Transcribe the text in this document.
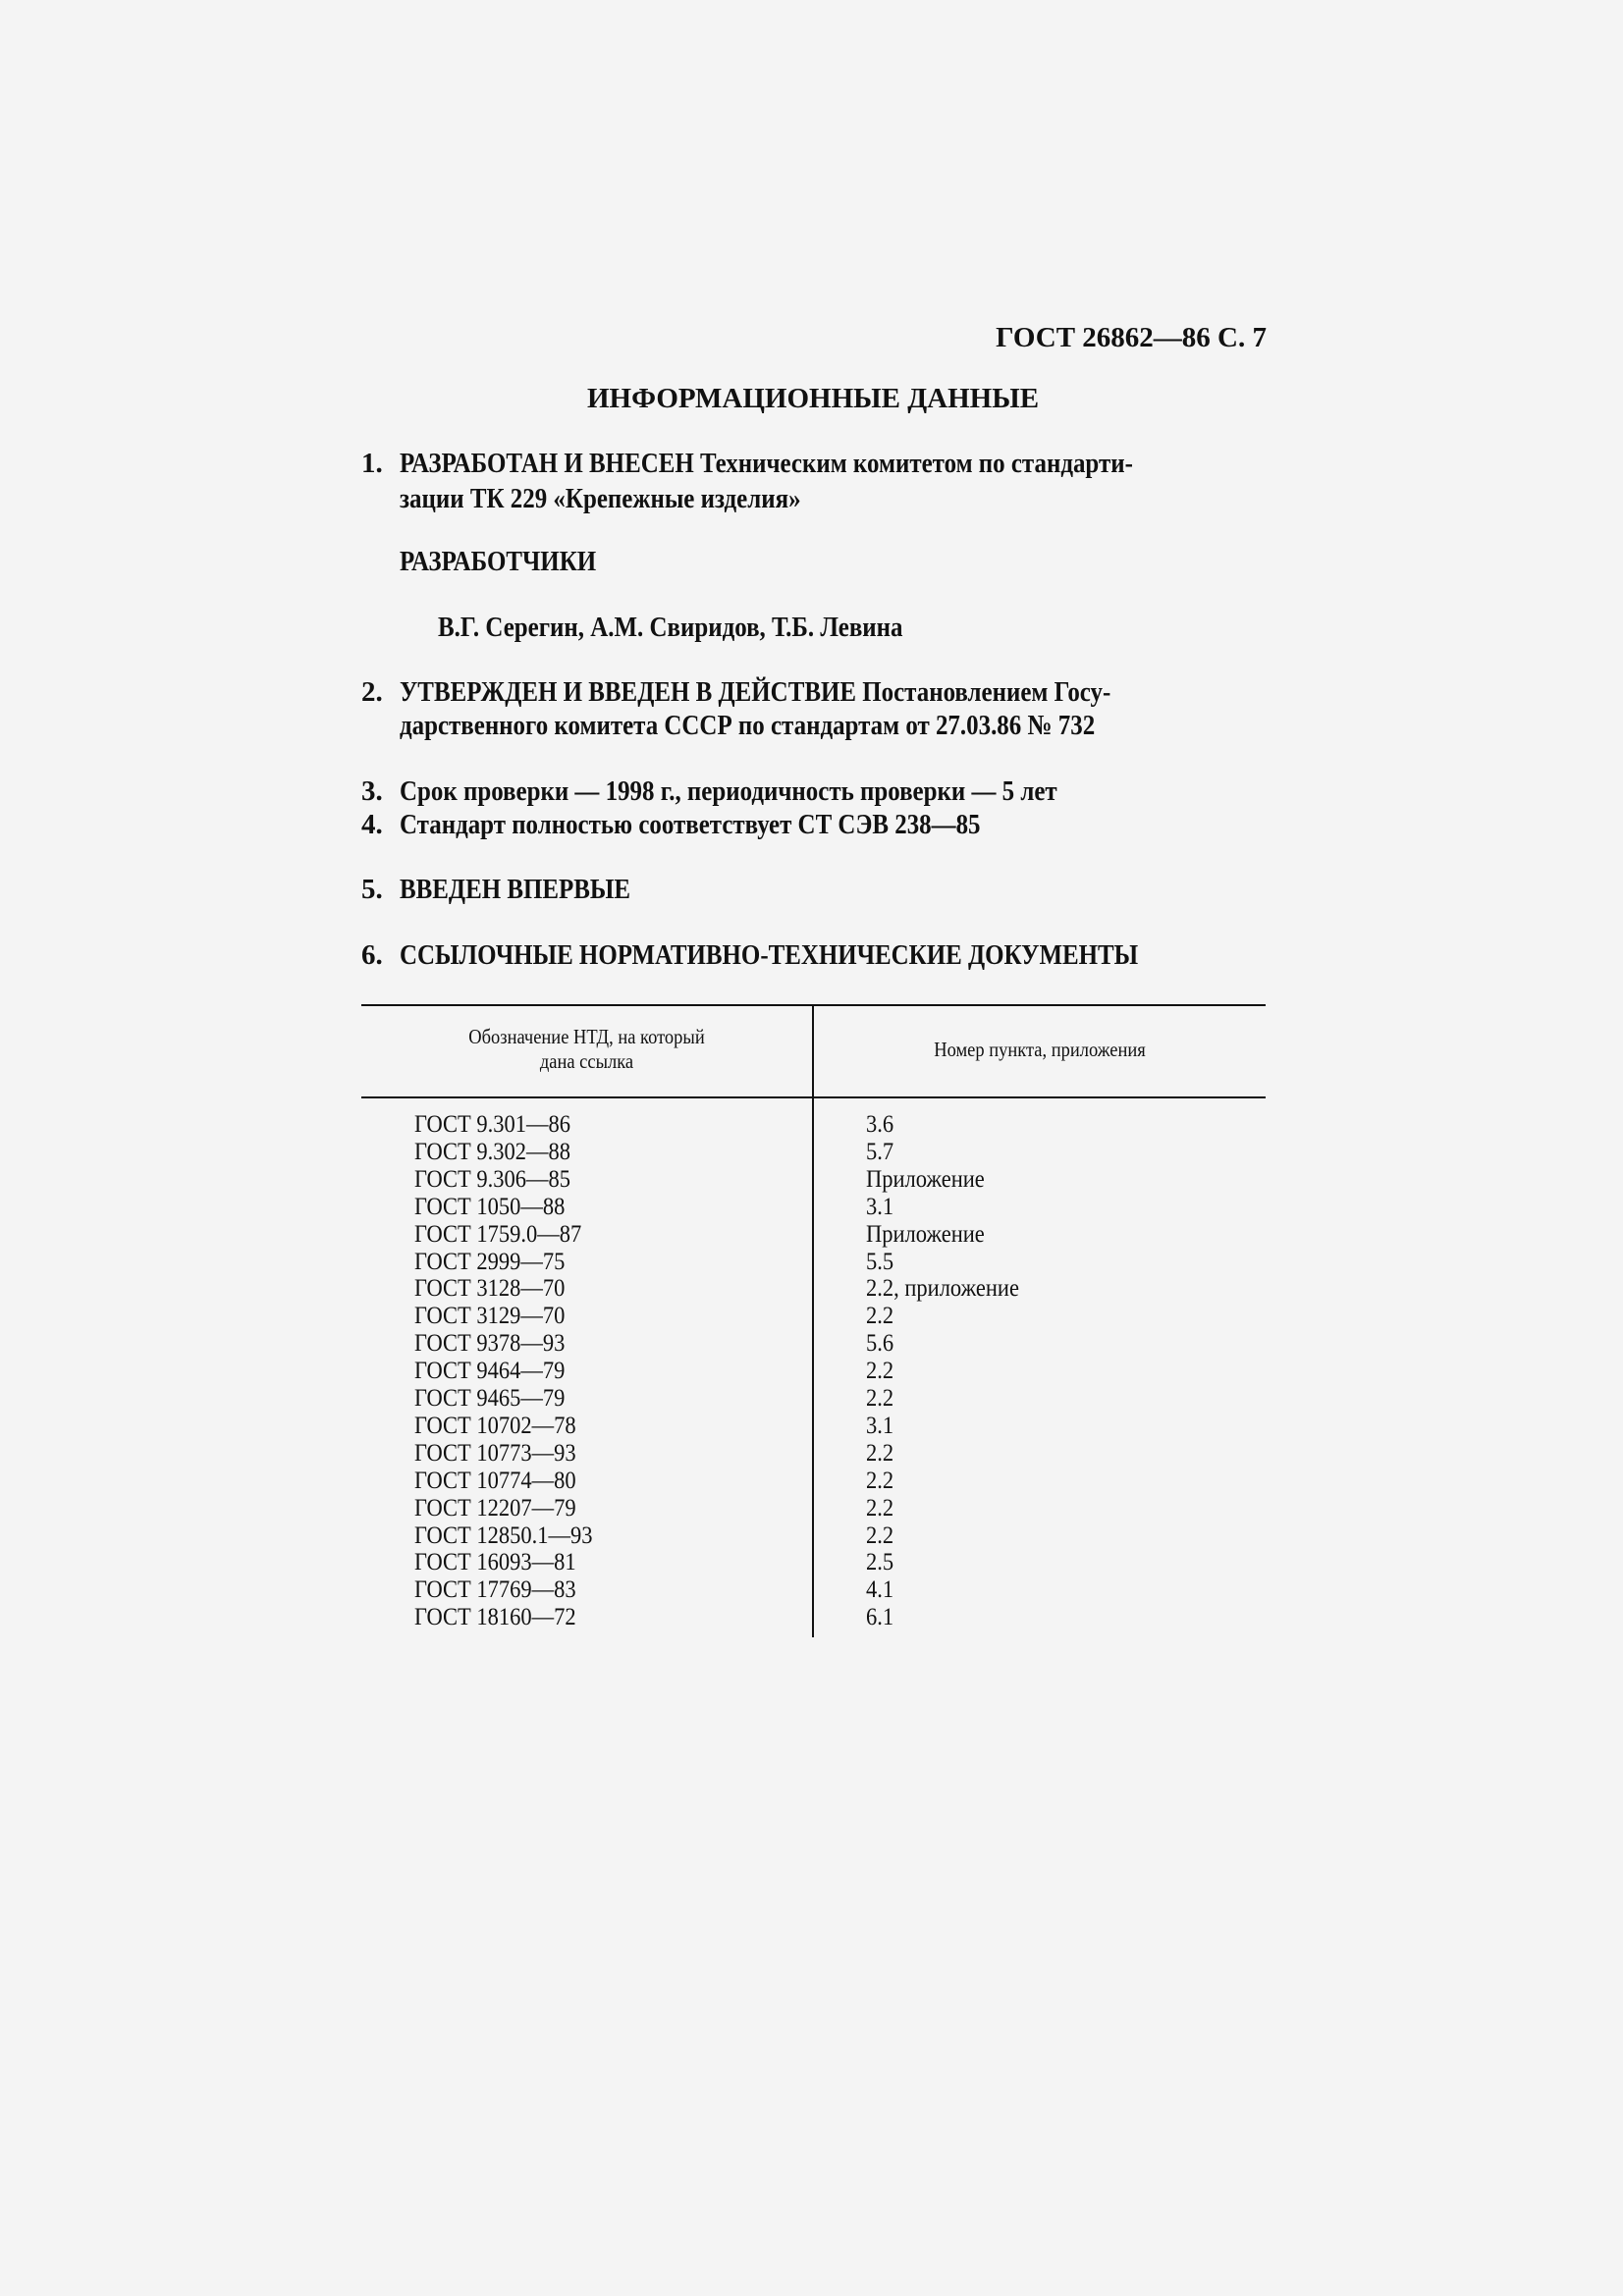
ГОСТ 26862—86 С. 7
ИНФОРМАЦИОННЫЕ ДАННЫЕ
1. РАЗРАБОТАН И ВНЕСЕН Техническим комитетом по стандарти-
зации ТК 229 «Крепежные изделия»
РАЗРАБОТЧИКИ
В.Г. Серегин, А.М. Свиридов, Т.Б. Левина
2. УТВЕРЖДЕН И ВВЕДЕН В ДЕЙСТВИЕ Постановлением Госу-
дарственного комитета СССР по стандартам от 27.03.86 № 732
3. Срок проверки — 1998 г., периодичность проверки — 5 лет
4. Стандарт полностью соответствует СТ СЭВ 238—85
5. ВВЕДЕН ВПЕРВЫЕ
6. ССЫЛОЧНЫЕ НОРМАТИВНО-ТЕХНИЧЕСКИЕ ДОКУМЕНТЫ
Обозначение НТД, на который
дана ссылка	Номер пункта, приложения
ГОСТ 9.301—86	3.6
ГОСТ 9.302—88	5.7
ГОСТ 9.306—85	Приложение
ГОСТ 1050—88	3.1
ГОСТ 1759.0—87	Приложение
ГОСТ 2999—75	5.5
ГОСТ 3128—70	2.2, приложение
ГОСТ 3129—70	2.2
ГОСТ 9378—93	5.6
ГОСТ 9464—79	2.2
ГОСТ 9465—79	2.2
ГОСТ 10702—78	3.1
ГОСТ 10773—93	2.2
ГОСТ 10774—80	2.2
ГОСТ 12207—79	2.2
ГОСТ 12850.1—93	2.2
ГОСТ 16093—81	2.5
ГОСТ 17769—83	4.1
ГОСТ 18160—72	6.1
